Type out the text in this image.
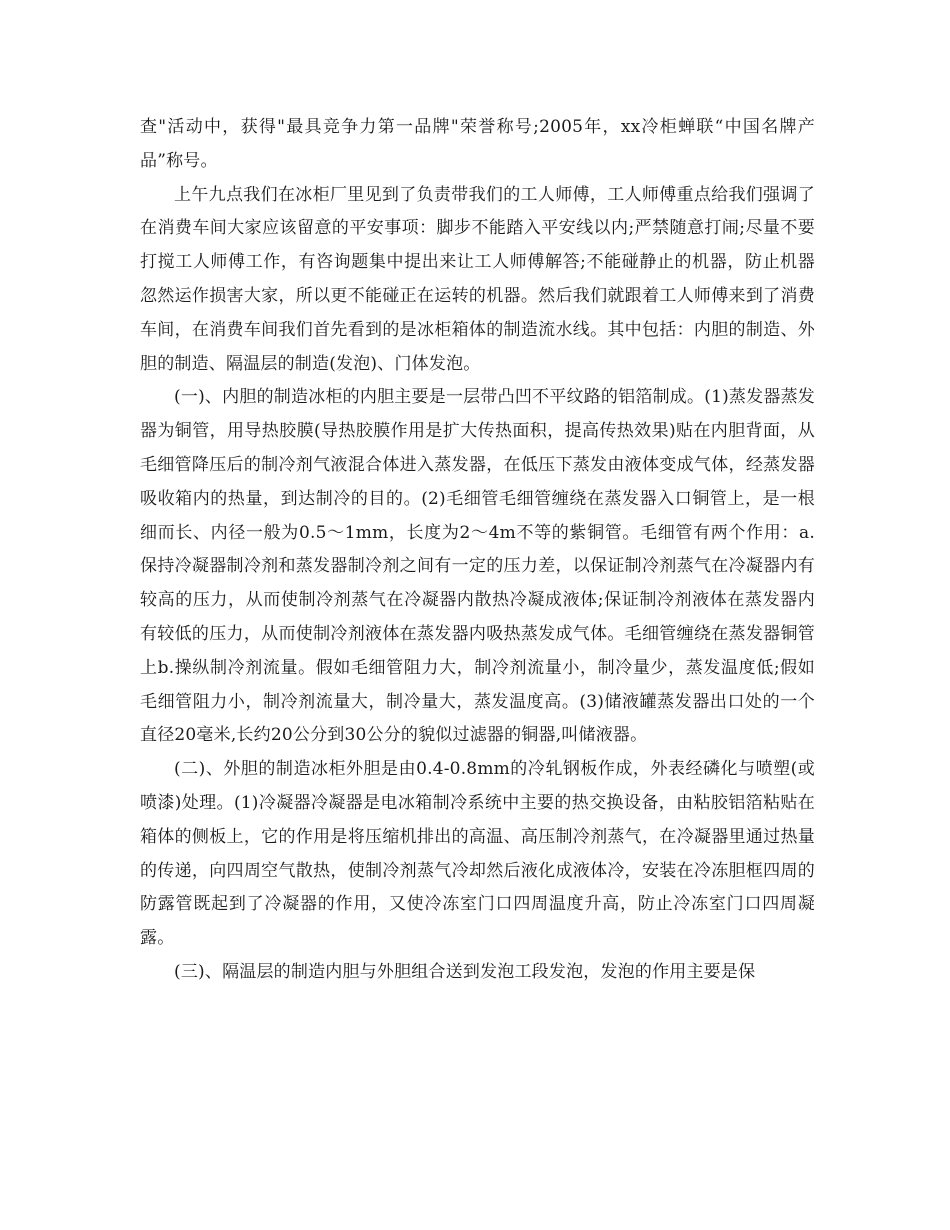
查"活动中，获得"最具竞争力第一品牌"荣誉称号;2005年，xx冷柜蝉联“中国名牌产品”称号。

上午九点我们在冰柜厂里见到了负责带我们的工人师傅，工人师傅重点给我们强调了在消费车间大家应该留意的平安事项：脚步不能踏入平安线以内;严禁随意打闹;尽量不要打搅工人师傅工作，有咨询题集中提出来让工人师傅解答;不能碰静止的机器，防止机器忽然运作损害大家，所以更不能碰正在运转的机器。然后我们就跟着工人师傅来到了消费车间，在消费车间我们首先看到的是冰柜箱体的制造流水线。其中包括：内胆的制造、外胆的制造、隔温层的制造(发泡)、门体发泡。

(一)、内胆的制造冰柜的内胆主要是一层带凸凹不平纹路的铝箔制成。(1)蒸发器蒸发器为铜管，用导热胶膜(导热胶膜作用是扩大传热面积，提高传热效果)贴在内胆背面，从毛细管降压后的制冷剂气液混合体进入蒸发器，在低压下蒸发由液体变成气体，经蒸发器吸收箱内的热量，到达制冷的目的。(2)毛细管毛细管缠绕在蒸发器入口铜管上，是一根细而长、内径一般为0.5～1mm，长度为2～4m不等的紫铜管。毛细管有两个作用：a.保持冷凝器制冷剂和蒸发器制冷剂之间有一定的压力差，以保证制冷剂蒸气在冷凝器内有较高的压力，从而使制冷剂蒸气在冷凝器内散热冷凝成液体;保证制冷剂液体在蒸发器内有较低的压力，从而使制冷剂液体在蒸发器内吸热蒸发成气体。毛细管缠绕在蒸发器铜管上b.操纵制冷剂流量。假如毛细管阻力大，制冷剂流量小，制冷量少，蒸发温度低;假如毛细管阻力小，制冷剂流量大，制冷量大，蒸发温度高。(3)储液罐蒸发器出口处的一个直径20毫米,长约20公分到30公分的貌似过滤器的铜器,叫储液器。

(二)、外胆的制造冰柜外胆是由0.4-0.8mm的冷轧钢板作成，外表经磷化与喷塑(或喷漆)处理。(1)冷凝器冷凝器是电冰箱制冷系统中主要的热交换设备，由粘胶铝箔粘贴在箱体的侧板上，它的作用是将压缩机排出的高温、高压制冷剂蒸气，在冷凝器里通过热量的传递，向四周空气散热，使制冷剂蒸气冷却然后液化成液体冷，安装在冷冻胆框四周的防露管既起到了冷凝器的作用，又使冷冻室门口四周温度升高，防止冷冻室门口四周凝露。

(三)、隔温层的制造内胆与外胆组合送到发泡工段发泡，发泡的作用主要是保
